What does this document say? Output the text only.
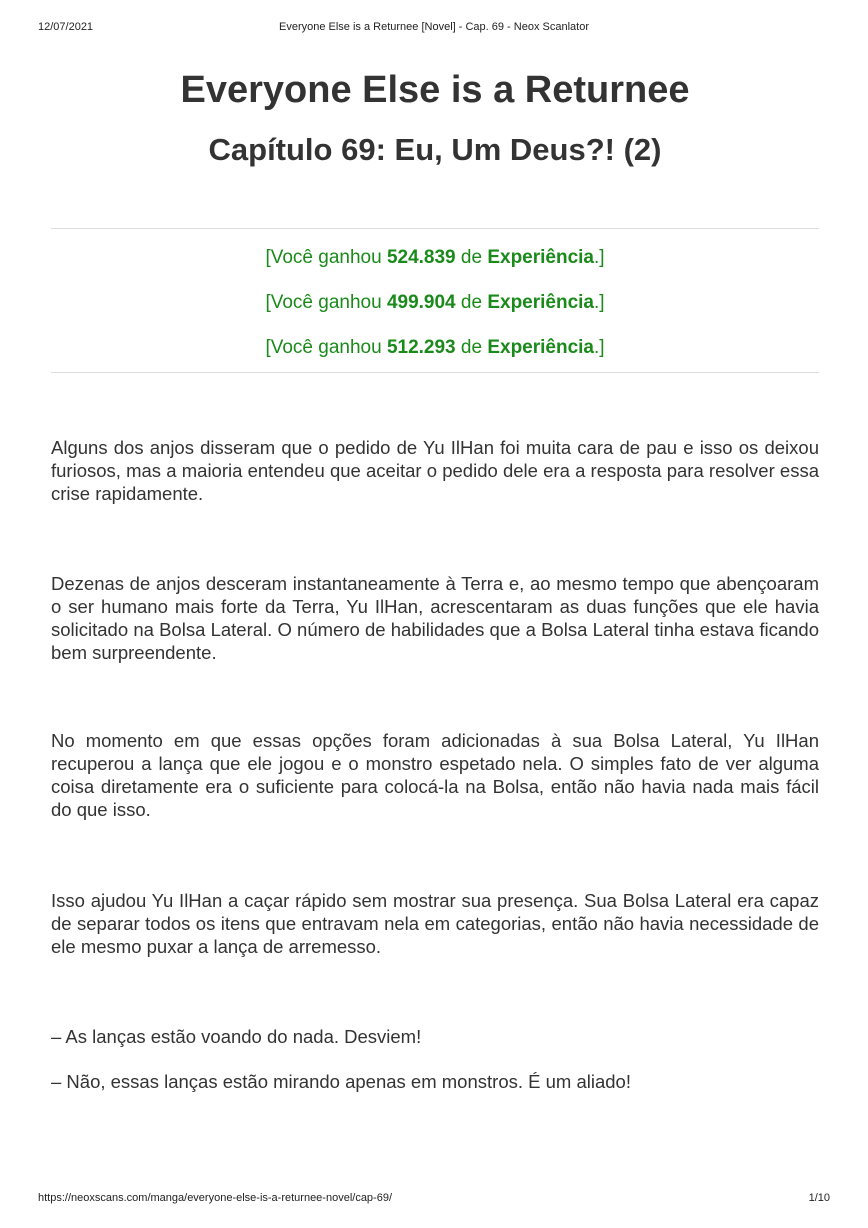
12/07/2021	Everyone Else is a Returnee [Novel] - Cap. 69 - Neox Scanlator
Everyone Else is a Returnee
Capítulo 69: Eu, Um Deus?! (2)

[Você ganhou 524.839 de Experiência.]

[Você ganhou 499.904 de Experiência.]

[Você ganhou 512.293 de Experiência.]

Alguns dos anjos disseram que o pedido de Yu IlHan foi muita cara de pau e isso os deixou furiosos, mas a maioria entendeu que aceitar o pedido dele era a resposta para resolver essa crise rapidamente.

Dezenas de anjos desceram instantaneamente à Terra e, ao mesmo tempo que abençoaram o ser humano mais forte da Terra, Yu IlHan, acrescentaram as duas funções que ele havia solicitado na Bolsa Lateral. O número de habilidades que a Bolsa Lateral tinha estava ficando bem surpreendente.

No momento em que essas opções foram adicionadas à sua Bolsa Lateral, Yu IlHan recuperou a lança que ele jogou e o monstro espetado nela. O simples fato de ver alguma coisa diretamente era o suficiente para colocá-la na Bolsa, então não havia nada mais fácil do que isso.

Isso ajudou Yu IlHan a caçar rápido sem mostrar sua presença. Sua Bolsa Lateral era capaz de separar todos os itens que entravam nela em categorias, então não havia necessidade de ele mesmo puxar a lança de arremesso.

– As lanças estão voando do nada. Desviem!

– Não, essas lanças estão mirando apenas em monstros. É um aliado!

https://neoxscans.com/manga/everyone-else-is-a-returnee-novel/cap-69/	1/10
